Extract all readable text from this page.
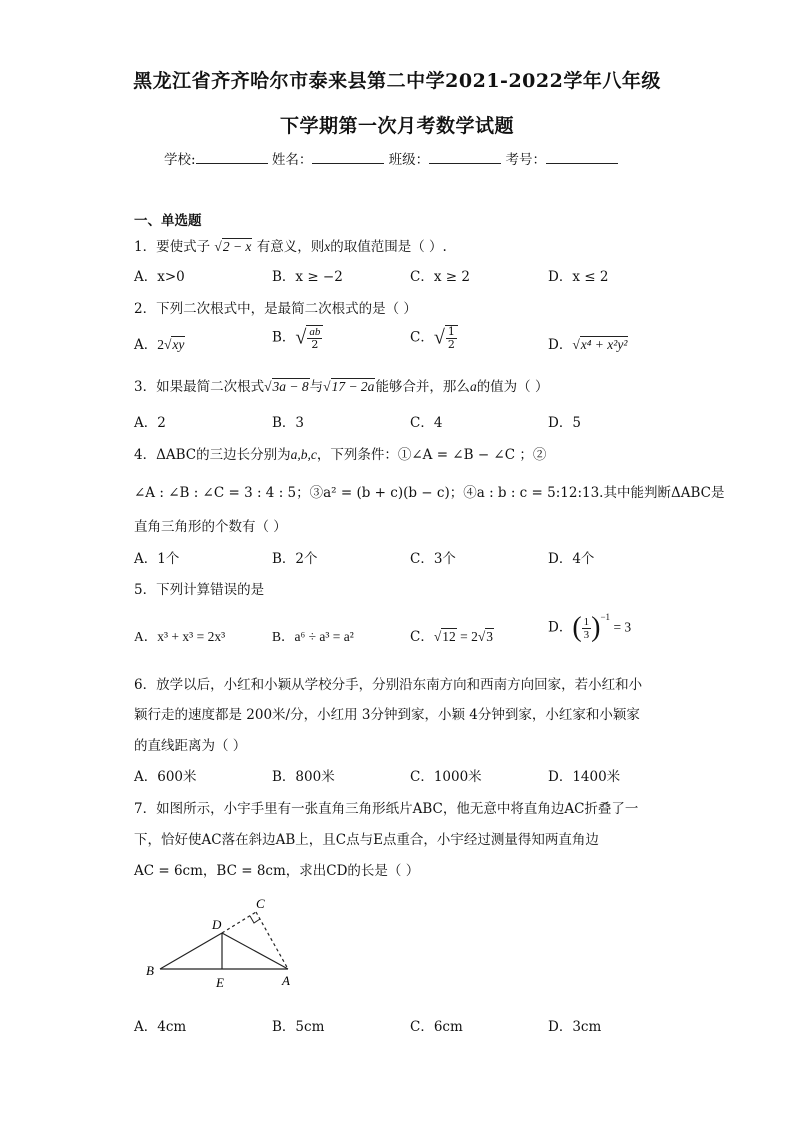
黑龙江省齐齐哈尔市泰来县第二中学2021-2022学年八年级
下学期第一次月考数学试题
学校:	姓名：	班级：	考号：
一、单选题
1．要使式子 √2 − x 有意义，则x的取值范围是（ ）.
A．x>0	B．x ≥ −2	C．x ≥ 2	D．x ≤ 2
2．下列二次根式中，是最简二次根式的是（ ）
A．2√xy	B．√ $\frac{ab}{2}$	C．√ $\frac{1}{2}$	D．√x⁴ + x²y²
3．如果最简二次根式√3a − 8与√17 − 2a能够合并，那么a的值为（ ）
A．2	B．3	C．4	D．5
4．ΔABC的三边长分别为a,b,c，下列条件：①∠A = ∠B − ∠C ；②
∠A : ∠B : ∠C = 3 : 4 : 5；③a² = (b + c)(b − c)；④a : b : c = 5:12:13.其中能判断ΔABC是
直角三角形的个数有（ ）
A．1个	B．2个	C．3个	D．4个
5．下列计算错误的是
A．x³ + x³ = 2x³	B．a⁶ ÷ a³ = a²	C．√12 = 2√3
D．( $\frac{1}{3} )^{-1} = 3$
6．放学以后，小红和小颖从学校分手，分别沿东南方向和西南方向回家，若小红和小
颖行走的速度都是 200米/分，小红用 3分钟到家，小颖 4分钟到家，小红家和小颖家
的直线距离为（ ）
A．600米	B．800米	C．1000米	D．1400米
7．如图所示，小宇手里有一张直角三角形纸片ABC，他无意中将直角边AC折叠了一
下，恰好使AC落在斜边AB上，且C点与E点重合，小宇经过测量得知两直角边
AC = 6cm，BC = 8cm，求出CD的长是（ ）
B
D
C
E	A
A．4cm	B．5cm	C．6cm	D．3cm
